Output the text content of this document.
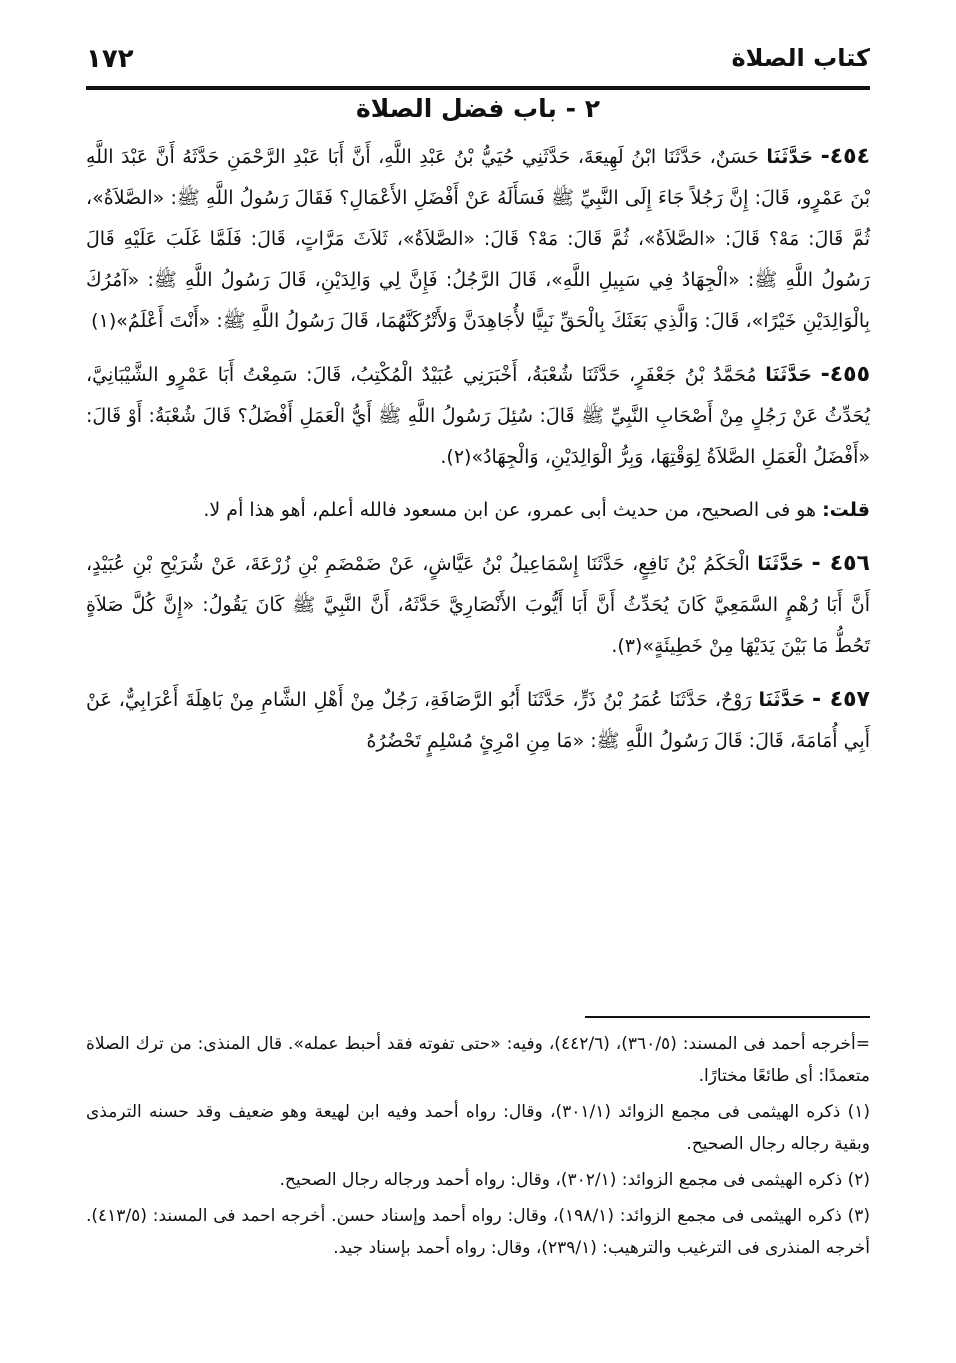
كتاب الصلاة
١٧٢
٢ - باب فضل الصلاة

٤٥٤- حَدَّثَنَا حَسَنٌ، حَدَّثَنَا ابْنُ لَهِيعَةَ، حَدَّثَنِي حُيَيُّ بْنُ عَبْدِ اللَّهِ، أَنَّ أَبَا عَبْدِ الرَّحْمَنِ حَدَّثَهُ أَنَّ عَبْدَ اللَّهِ بْنَ عَمْرٍو، قَالَ: إِنَّ رَجُلاً جَاءَ إِلَى النَّبِيِّ ﷺ فَسَأَلَهُ عَنْ أَفْضَلِ الأَعْمَالِ؟ فَقَالَ رَسُولُ اللَّهِ ﷺ: «الصَّلاَةُ»، ثُمَّ قَالَ: مَهْ؟ قَالَ: «الصَّلاَةُ»، ثُمَّ قَالَ: مَهْ؟ قَالَ: «الصَّلاَةُ»، ثَلاَثَ مَرَّاتٍ، قَالَ: فَلَمَّا غَلَبَ عَلَيْهِ قَالَ رَسُولُ اللَّهِ ﷺ: «الْجِهَادُ فِي سَبِيلِ اللَّهِ»، قَالَ الرَّجُلُ: فَإِنَّ لِي وَالِدَيْنِ، قَالَ رَسُولُ اللَّهِ ﷺ: «آمُرُكَ بِالْوَالِدَيْنِ خَيْرًا»، قَالَ: وَالَّذِي بَعَثَكَ بِالْحَقِّ نَبِيًّا لأُجَاهِدَنَّ وَلأَتْرُكَنَّهُمَا، قَالَ رَسُولُ اللَّهِ ﷺ: «أَنْتَ أَعْلَمُ»(١)

٤٥٥- حَدَّثَنَا مُحَمَّدُ بْنُ جَعْفَرٍ، حَدَّثَنَا شُعْبَةُ، أَخْبَرَنِي عُبَيْدٌ الْمُكْتِبُ، قَالَ: سَمِعْتُ أَبَا عَمْرٍو الشَّيْبَانِيَّ، يُحَدِّثُ عَنْ رَجُلٍ مِنْ أَصْحَابِ النَّبِيِّ ﷺ قَالَ: سُئِلَ رَسُولُ اللَّهِ ﷺ أَيُّ الْعَمَلِ أَفْضَلُ؟ قَالَ شُعْبَةُ: أَوْ قَالَ: «أَفْضَلُ الْعَمَلِ الصَّلاَةُ لِوَقْتِهَا، وَبِرُّ الْوَالِدَيْنِ، وَالْجِهَادُ»(٢).

قلت: هو فى الصحيح، من حديث أبى عمرو، عن ابن مسعود فالله أعلم، أهو هذا أم لا.

٤٥٦ - حَدَّثَنَا الْحَكَمُ بْنُ نَافِعٍ، حَدَّثَنَا إِسْمَاعِيلُ بْنُ عَيَّاشٍ، عَنْ ضَمْضَمِ بْنِ زُرْعَةَ، عَنْ شُرَيْحِ بْنِ عُبَيْدٍ، أَنَّ أَبَا رُهْمٍ السَّمَعِيَّ كَانَ يُحَدِّثُ أَنَّ أَبَا أَيُّوبَ الأَنْصَارِيَّ حَدَّثَهُ، أَنَّ النَّبِيَّ ﷺ كَانَ يَقُولُ: «إِنَّ كُلَّ صَلاَةٍ تَحُطُّ مَا بَيْنَ يَدَيْهَا مِنْ خَطِيئَةٍ»(٣).

٤٥٧ - حَدَّثَنَا رَوْحٌ، حَدَّثَنَا عُمَرُ بْنُ ذَرٍّ، حَدَّثَنَا أَبُو الرَّصَافَةِ، رَجُلٌ مِنْ أَهْلِ الشَّامِ مِنْ بَاهِلَةَ أَعْرَابِيٌّ، عَنْ أَبِي أُمَامَةَ، قَالَ: قَالَ رَسُولُ اللَّهِ ﷺ: «مَا مِنِ امْرِئٍ مُسْلِمٍ تَحْضُرُهُ

=أخرجه أحمد فى المسند: (٣٦٠/٥)، (٤٤٢/٦)، وفيه: «حتى تفوته فقد أحبط عمله». قال المنذى: من ترك الصلاة متعمدًا: أى طائعًا مختارًا.

(١) ذكره الهيثمى فى مجمع الزوائد (٣٠١/١)، وقال: رواه أحمد وفيه ابن لهيعة وهو ضعيف وقد حسنه الترمذى وبقية رجاله رجال الصحيح.

(٢) ذكره الهيثمى فى مجمع الزوائد: (٣٠٢/١)، وقال: رواه أحمد ورجاله رجال الصحيح.

(٣) ذكره الهيثمى فى مجمع الزوائد: (١٩٨/١)، وقال: رواه أحمد وإسناد حسن. أخرجه احمد فى المسند: (٤١٣/٥). أخرجه المنذرى فى الترغيب والترهيب: (٢٣٩/١)، وقال: رواه أحمد بإسناد جيد.
